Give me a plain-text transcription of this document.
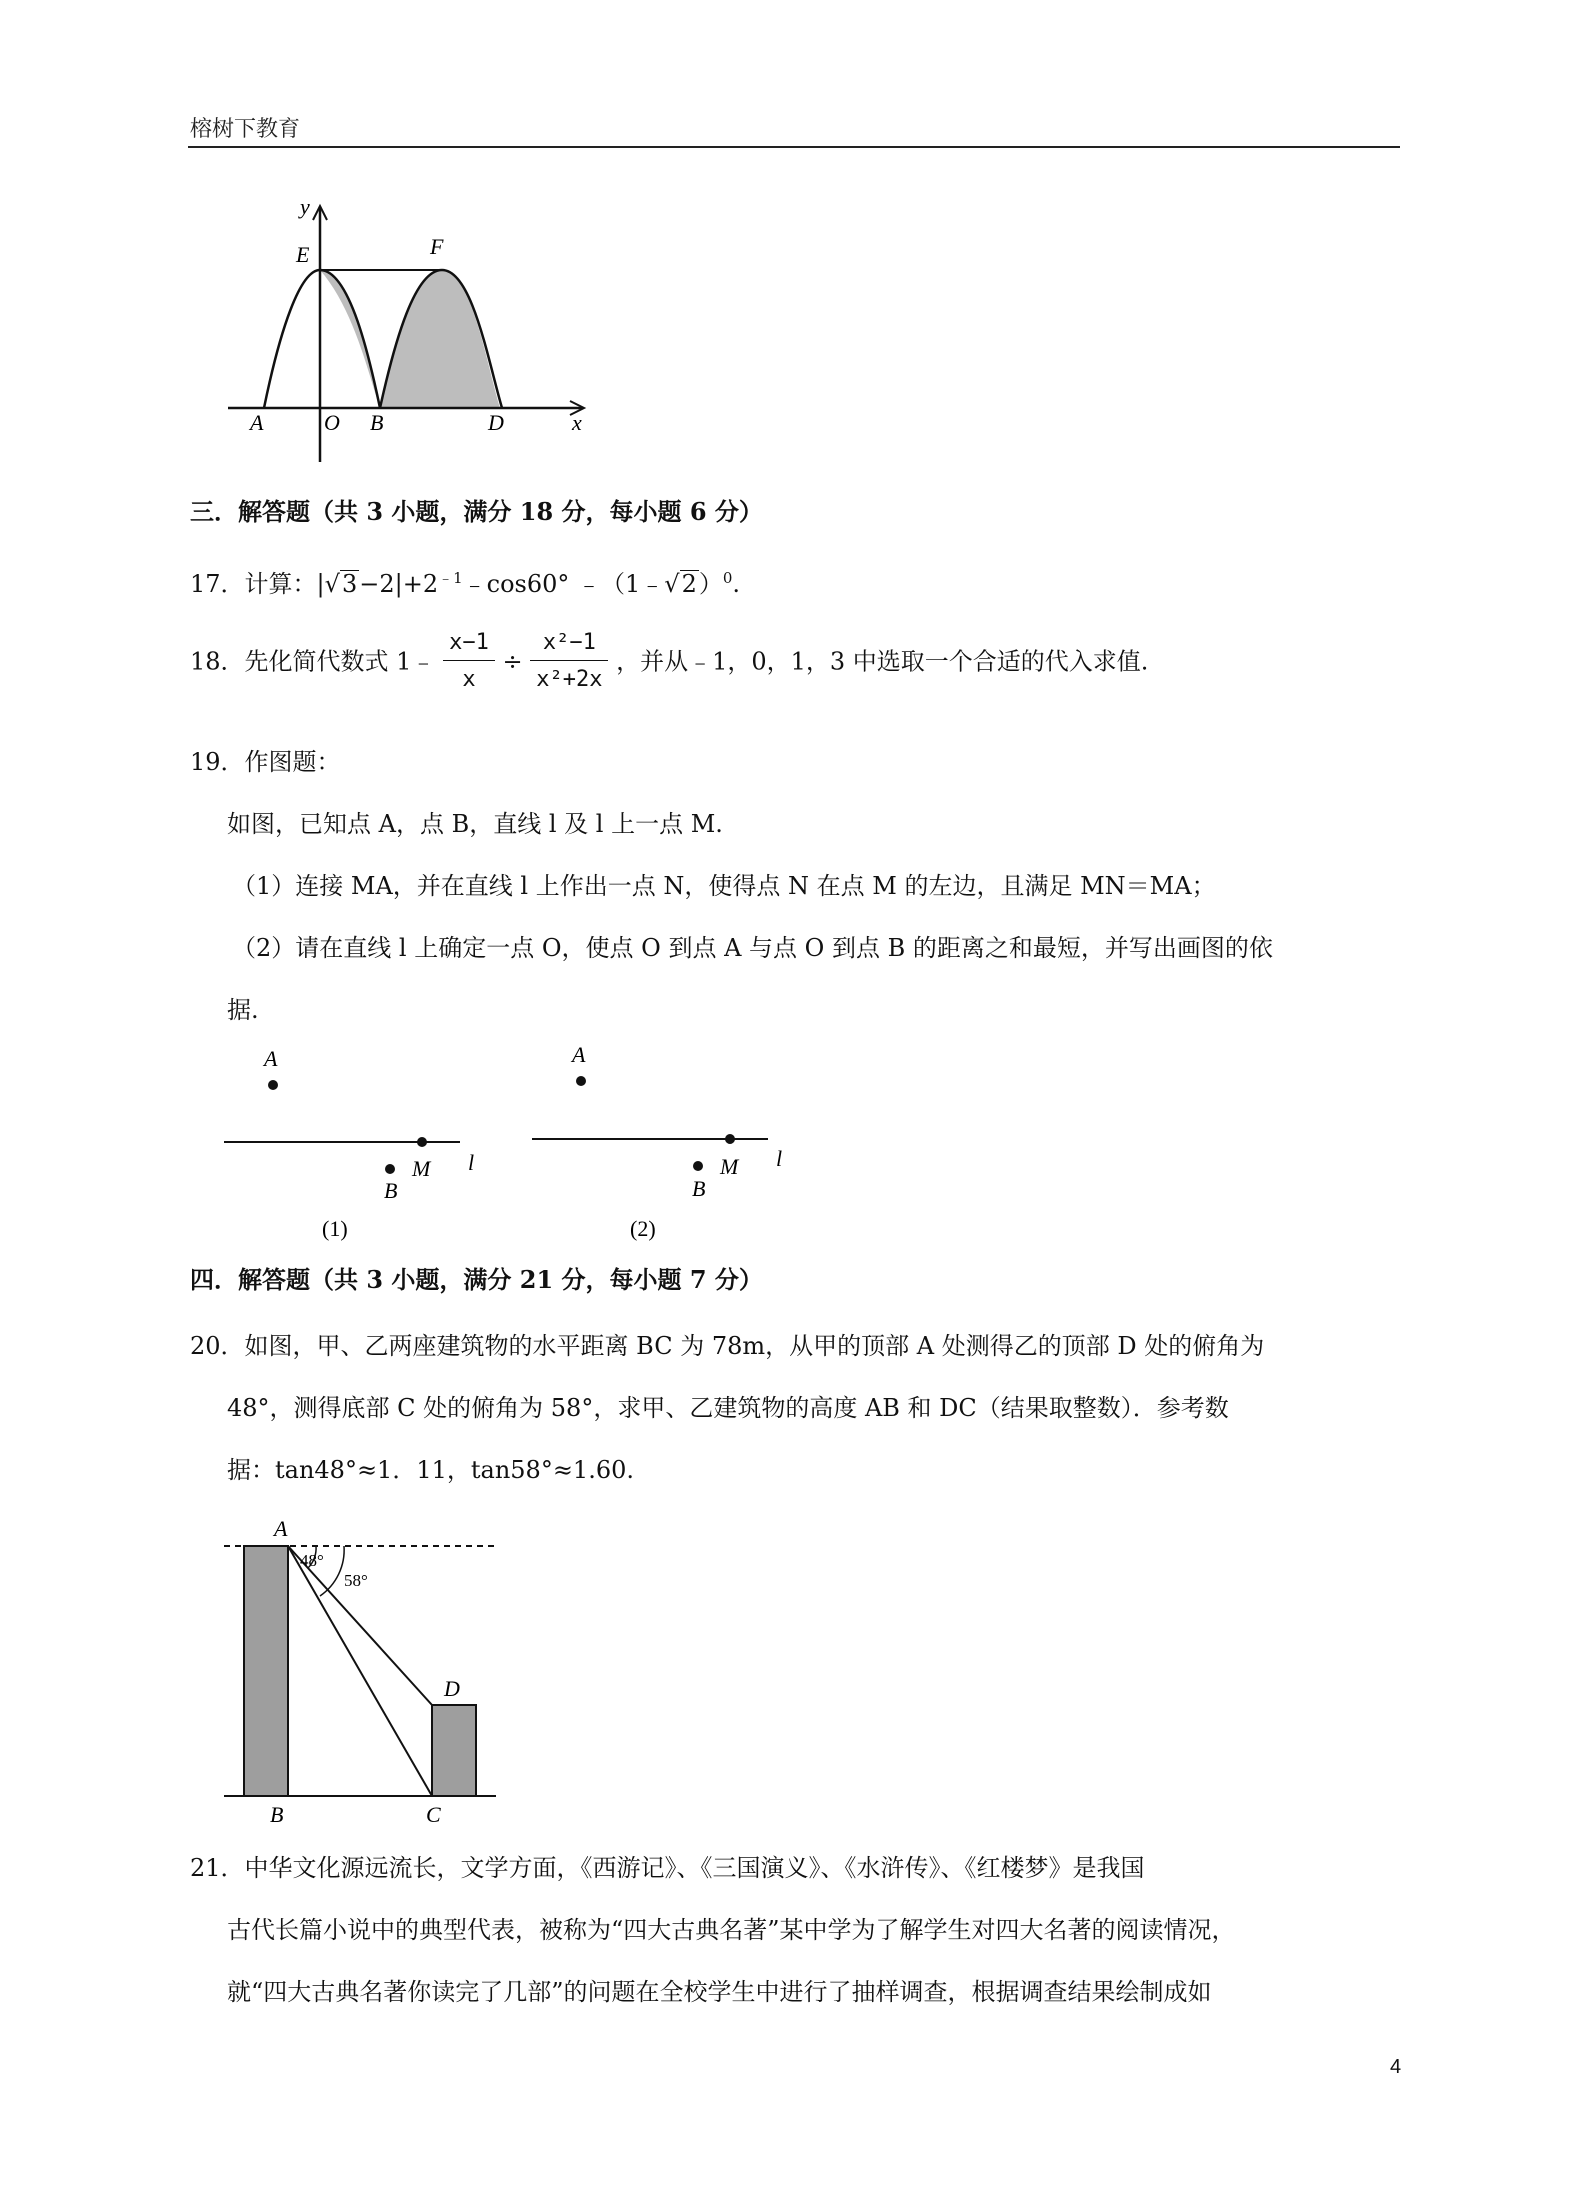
榕树下教育
y
E	F
A	O B	D	x
三．解答题（共 3 小题，满分 18 分，每小题 6 分）
17．计算：$|√3-2|+2^{﹣1}﹣\cos 60^\circ$ ﹣（1﹣√2）$^0$.
18．先化简代数式 1﹣ $\frac{x-1}{x} \div \frac{\text{x²−1}}{\text{x²+2x}}$ ，并从﹣1，0，1，3 中选取一个合适的代入求值.
19．作图题：
如图，已知点 A，点 B，直线 l 及 l 上一点 M.
（1）连接 MA，并在直线 l 上作出一点 N，使得点 N 在点 M 的左边，且满足 MN＝MA；
（2）请在直线 l 上确定一点 O，使点 O 到点 A 与点 O 到点 B 的距离之和最短，并写出画图的依
据.
A
M l
B
(1)
A
M l
B
(2)
四．解答题（共 3 小题，满分 21 分，每小题 7 分）
20．如图，甲、乙两座建筑物的水平距离 BC 为 78m，从甲的顶部 A 处测得乙的顶部 D 处的俯角为
48°，测得底部 C 处的俯角为 58°，求甲、乙建筑物的高度 AB 和 DC（结果取整数）．参考数
据：tan48°≈1．11，tan58°≈1.60.
48°
58°
A
B	C
D
21．中华文化源远流长，文学方面，《西游记》、《三国演义》、《水浒传》、《红楼梦》是我国
古代长篇小说中的典型代表，被称为“四大古典名著”某中学为了解学生对四大名著的阅读情况，
就“四大古典名著你读完了几部”的问题在全校学生中进行了抽样调查，根据调查结果绘制成如
4
